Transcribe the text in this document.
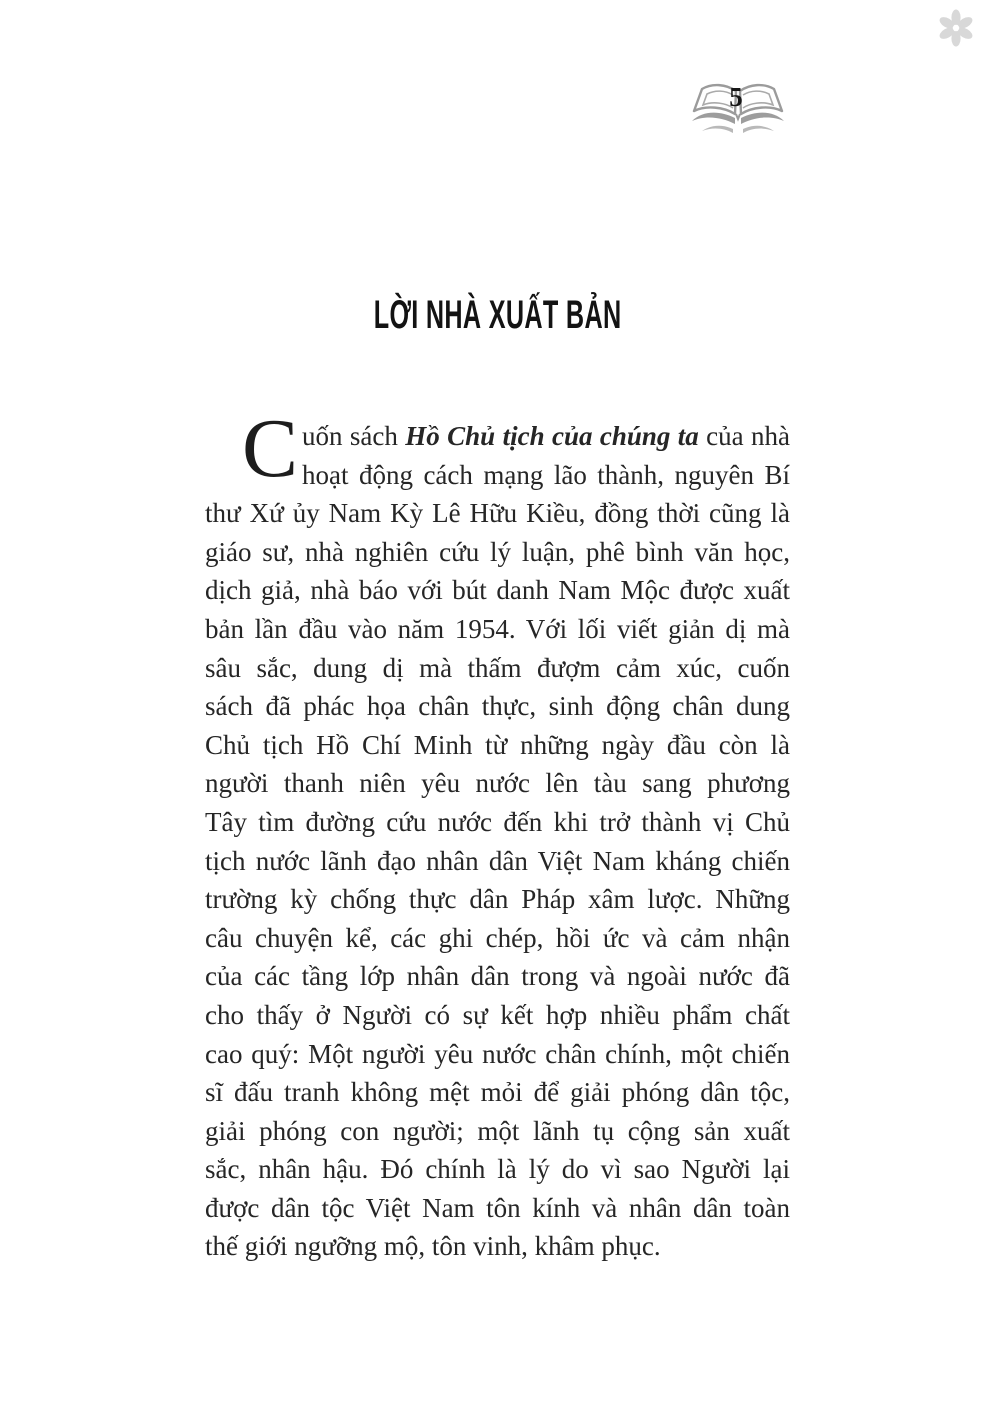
5
LỜI NHÀ XUẤT BẢN
C uốn sách Hồ Chủ tịch của chúng ta của nhà
hoạt động cách mạng lão thành, nguyên Bí
thư Xứ ủy Nam Kỳ Lê Hữu Kiều, đồng thời cũng là
giáo sư, nhà nghiên cứu lý luận, phê bình văn học,
dịch giả, nhà báo với bút danh Nam Mộc được xuất
bản lần đầu vào năm 1954. Với lối viết giản dị mà
sâu sắc, dung dị mà thấm đượm cảm xúc, cuốn
sách đã phác họa chân thực, sinh động chân dung
Chủ tịch Hồ Chí Minh từ những ngày đầu còn là
người thanh niên yêu nước lên tàu sang phương
Tây tìm đường cứu nước đến khi trở thành vị Chủ
tịch nước lãnh đạo nhân dân Việt Nam kháng chiến
trường kỳ chống thực dân Pháp xâm lược. Những
câu chuyện kể, các ghi chép, hồi ức và cảm nhận
của các tầng lớp nhân dân trong và ngoài nước đã
cho thấy ở Người có sự kết hợp nhiều phẩm chất
cao quý: Một người yêu nước chân chính, một chiến
sĩ đấu tranh không mệt mỏi để giải phóng dân tộc,
giải phóng con người; một lãnh tụ cộng sản xuất
sắc, nhân hậu. Đó chính là lý do vì sao Người lại
được dân tộc Việt Nam tôn kính và nhân dân toàn
thế giới ngưỡng mộ, tôn vinh, khâm phục.
